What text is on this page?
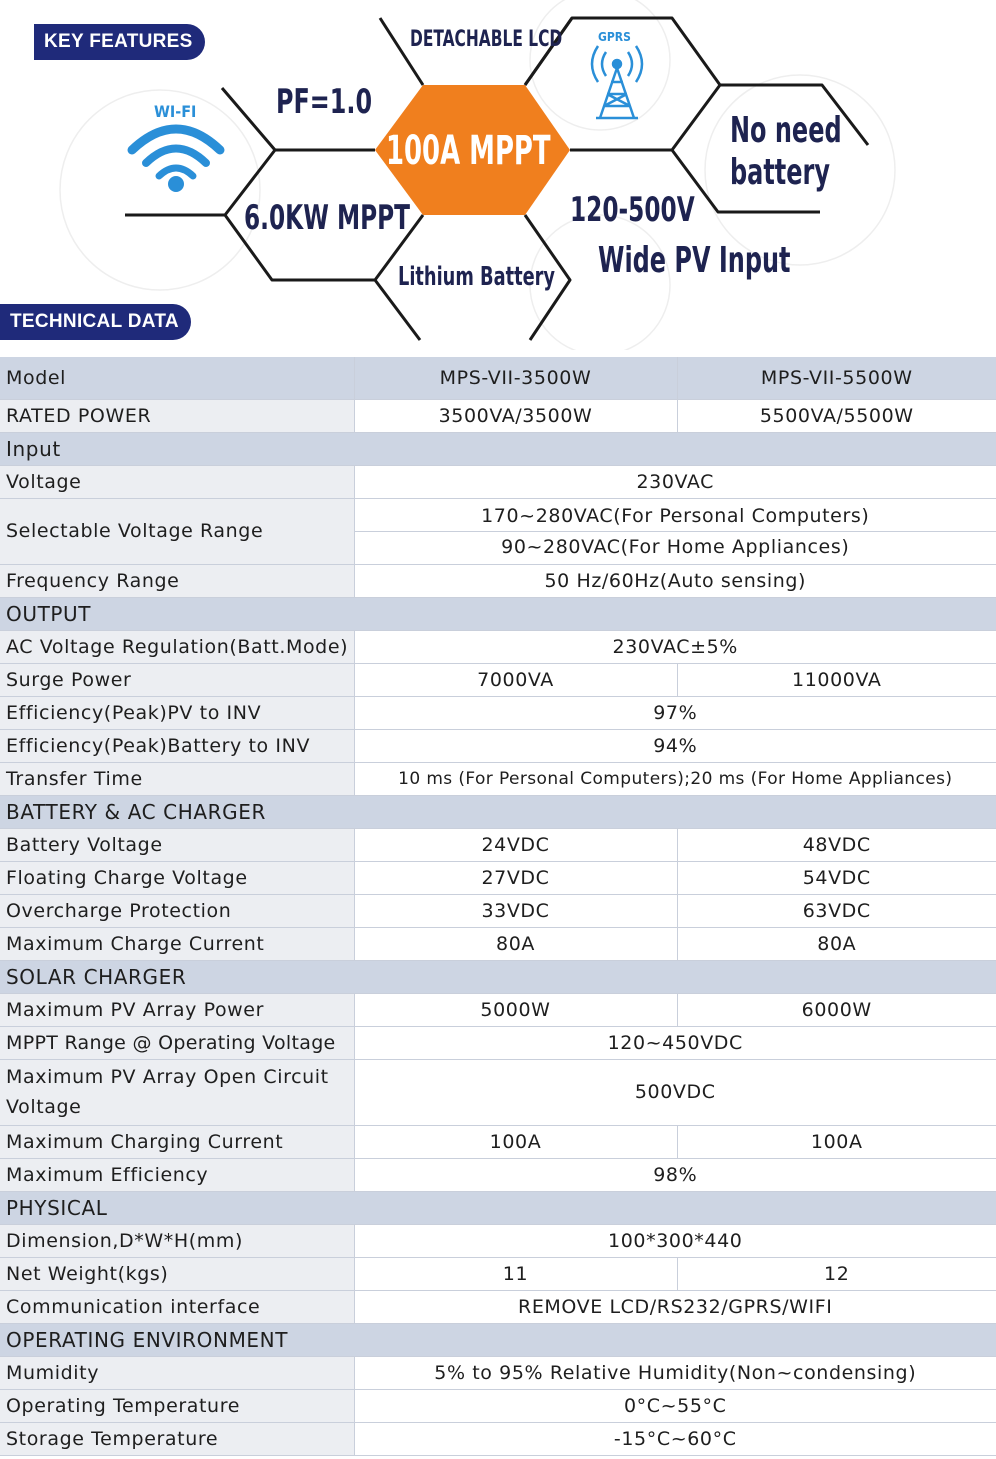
KEY FEATURES
WI-FI
GPRS
DETACHABLE LCD
PF=1.0
100A MPPT
6.0KW MPPT
Lithium Battery
120-500V
Wide PV Input
No need
battery
TECHNICAL DATA
Model	MPS-VII-3500W	MPS-VII-5500W
RATED POWER	3500VA/3500W	5500VA/5500W
Input		
Voltage	230VAC	
Selectable Voltage Range	170~280VAC(For Personal Computers)
90~280VAC(For Home Appliances)	

Frequency Range	50 Hz/60Hz(Auto sensing)	
OUTPUT		
AC Voltage Regulation(Batt.Mode)	230VAC±5%	
Surge Power	7000VA	11000VA
Efficiency(Peak)PV to INV	97%	
Efficiency(Peak)Battery to INV	94%	
Transfer Time	10 ms (For Personal Computers);20 ms (For Home Appliances)	
BATTERY & AC CHARGER		
Battery Voltage	24VDC	48VDC
Floating Charge Voltage	27VDC	54VDC
Overcharge Protection	33VDC	63VDC
Maximum Charge Current	80A	80A
SOLAR CHARGER		
Maximum PV Array Power	5000W	6000W
MPPT Range @ Operating Voltage	120~450VDC	
Maximum PV Array Open Circuit Voltage	500VDC	
Maximum Charging Current	100A	100A
Maximum Efficiency	98%	
PHYSICAL		
Dimension,D*W*H(mm)	100*300*440	
Net Weight(kgs)	11	12
Communication interface	REMOVE LCD/RS232/GPRS/WIFI	
OPERATING ENVIRONMENT		
Mumidity	5% to 95% Relative Humidity(Non~condensing)	
Operating Temperature	0°C~55°C	
Storage Temperature	-15°C~60°C	
